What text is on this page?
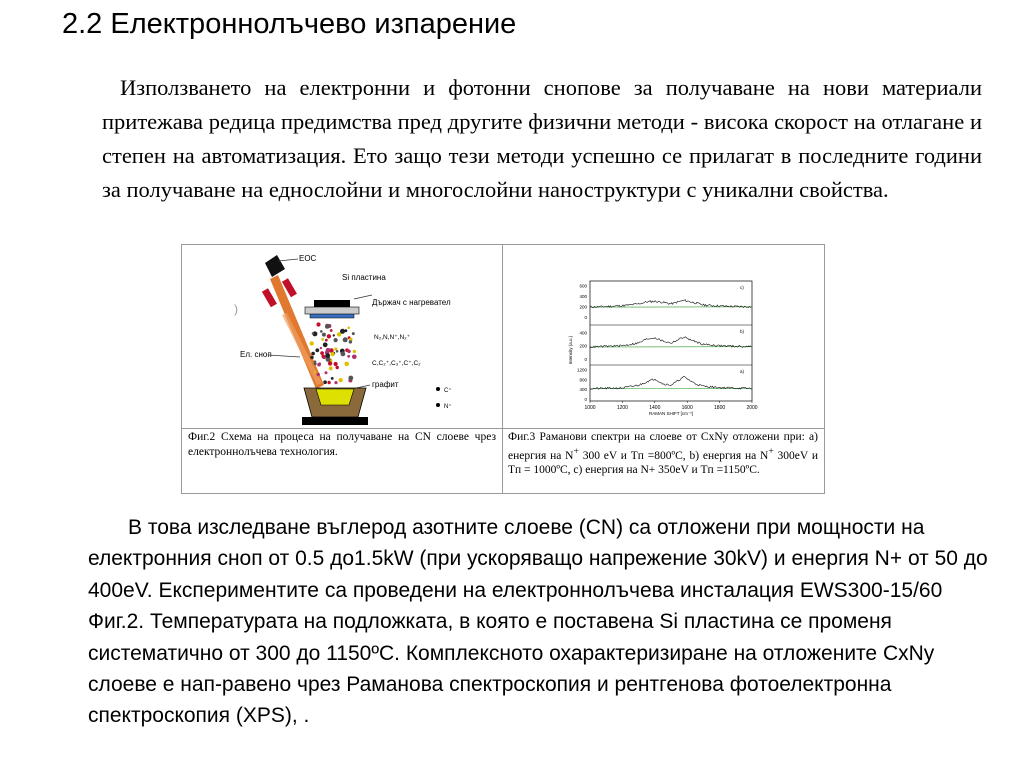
2.2 Електроннолъчево изпарение

Използването на електронни и фотонни снопове за получаване на нови материали притежава редица предимства пред другите физични методи - висока скорост на отлагане и степен на автоматизация. Ето защо тези методи успешно се прилагат в последните години за получаване на еднослойни и многослойни наноструктури с уникални свойства.

ЕОС
Si пластина
Държач с нагревател
N₂,N,N⁺,N₂⁺
C,C₂⁺,C₃⁺,C⁺,C₂
Ел. сноп
графит
C⁺
N⁺
)
0
200
400
600	c)
0
200
400	b)
0
400
800
1200	a)
1000	1200	1400	1600	1800	2000
RAMAN SHIFT [cm⁻¹]
Intensity (a.u.)
Фиг.2 Схема на процеса на получаване на CN слоеве чрез електроннолъчева технология.
Фиг.3 Раманови спектри на слоеве от CxNy отложени при: a) енергия на N+ 300 eV и Tп =800ºC, b) енергия на N+ 300eV и Tп = 1000ºC, c) енергия на N+ 350eV и Tп =1150ºC.

В това изследване въглерод азотните слоеве (CN) са отложени при мощности на електронния сноп от 0.5 до1.5kW (при ускоряващо напрежение 30kV) и енергия N+ от 50 до 400eV. Експериментите са проведени на електроннолъчева инсталация EWS300-15/60 Фиг.2. Температурата на подложката, в която е поставена Si пластина се променя систематично от 300 до 1150ºC. Комплексното охарактеризиране на отложените CxNy слоеве е нап-равено чрез Раманова спектроскопия и рентгенова фотоелектронна спектроскопия (XPS), .
